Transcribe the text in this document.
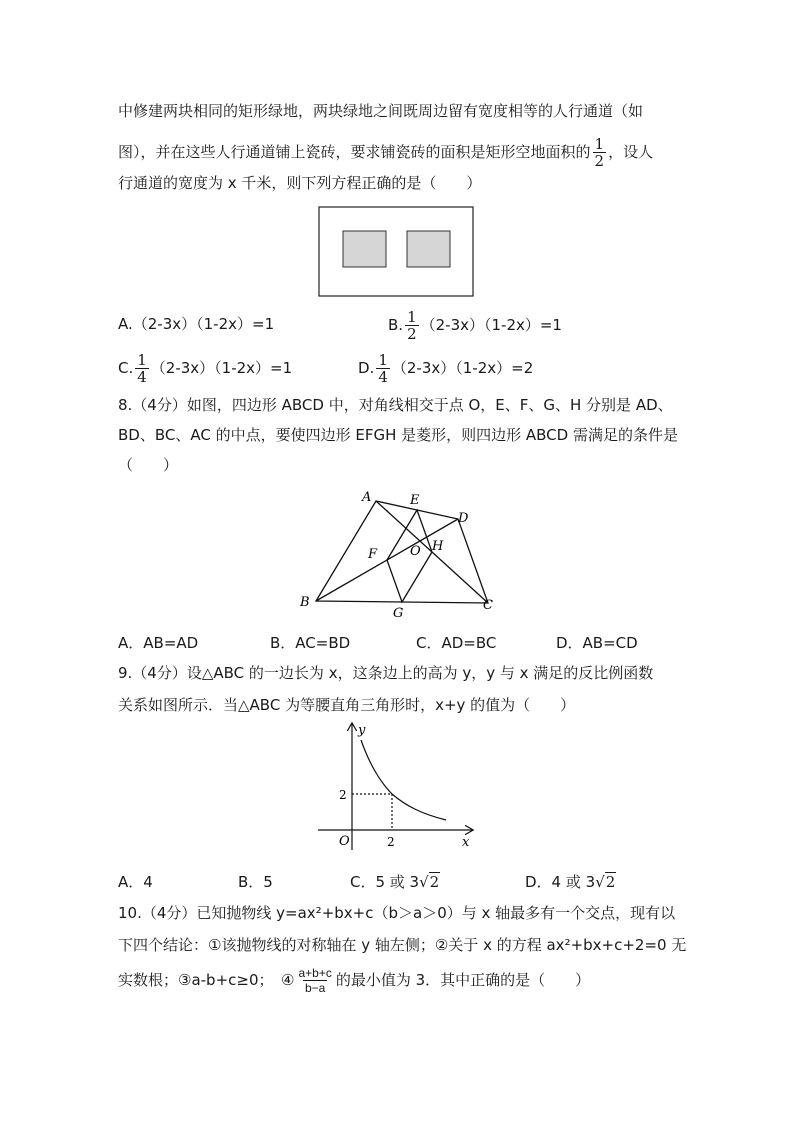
中修建两块相同的矩形绿地，两块绿地之间既周边留有宽度相等的人行通道（如
图），并在这些人行通道铺上瓷砖，要求铺瓷砖的面积是矩形空地面积的 $\frac{1}{2}$ ，设人
行通道的宽度为 x 千米，则下列方程正确的是（　　）
A.（2-3x）（1-2x）=1	B. $\frac{1}{2} (2-3x)(1-2x)=1$
C. $\frac{1}{4} (2-3x)(1-2x)=1$	D. $\frac{1}{4} (2-3x)(1-2x)=2$
8.（4分）如图，四边形 ABCD 中，对角线相交于点 O，E、F、G、H 分别是 AD、
BD、BC、AC 的中点，要使四边形 EFGH 是菱形，则四边形 ABCD 需满足的条件是
（　　）
A	E
D
F	O H
B
G
C
A．AB=AD	B．AC=BD	C．AD=BC	D．AB=CD
9.（4分）设△ABC 的一边长为 x，这条边上的高为 y，y 与 x 满足的反比例函数
关系如图所示．当△ABC 为等腰直角三角形时，x+y 的值为（　　）
y
x
O
2
2
A．4	B．5	C．5 或 3√2	D．4 或 3√2
10.（4分）已知抛物线 y=ax²+bx+c（b＞a＞0）与 x 轴最多有一个交点，现有以
下四个结论：①该抛物线的对称轴在 y 轴左侧；②关于 x 的方程 ax²+bx+c+2=0 无
实数根；③a-b+c≥0；　④ $\frac{a+b+c}{b-a}$ 的最小值为 3．其中正确的是（　　）
